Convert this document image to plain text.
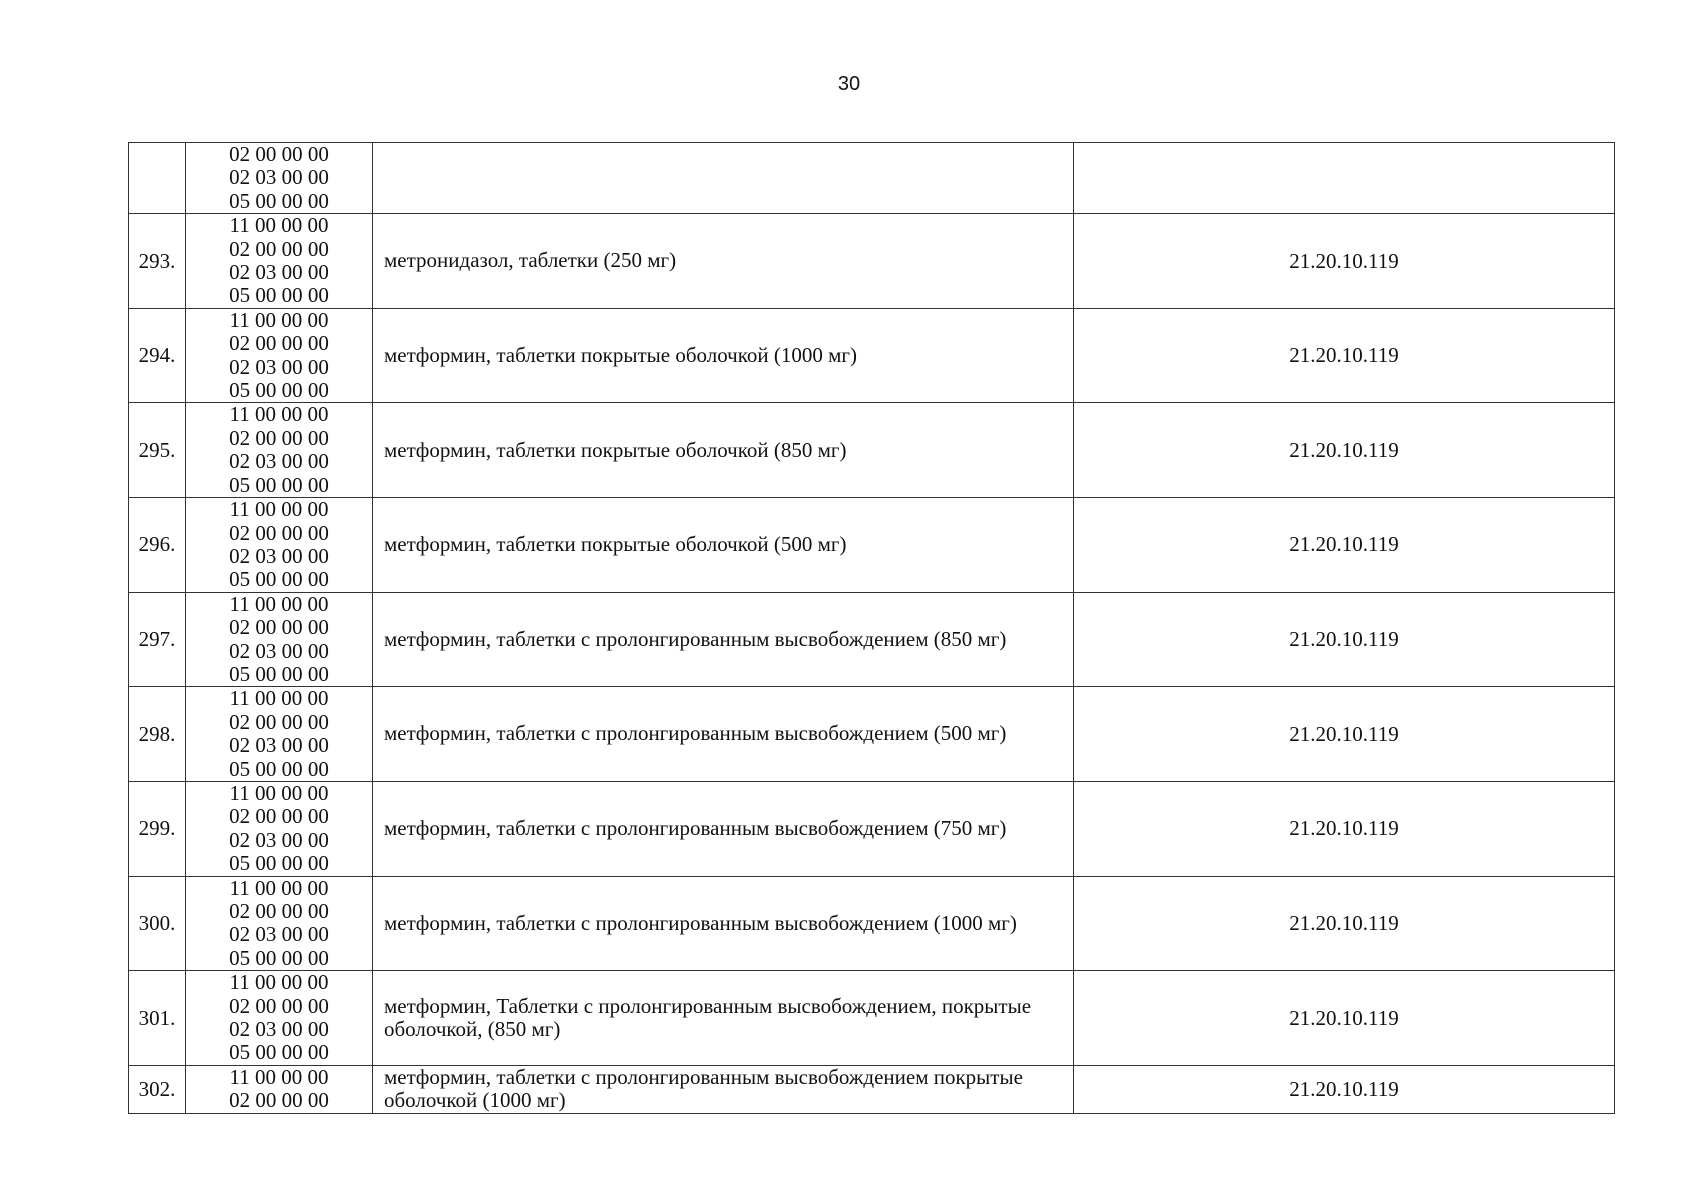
30

	02 00 00 00
02 03 00 00
05 00 00 00		

293.	11 00 00 00
02 00 00 00
02 03 00 00
05 00 00 00	метронидазол, таблетки (250 мг)	21.20.10.119
294.	11 00 00 00
02 00 00 00
02 03 00 00
05 00 00 00	метформин, таблетки покрытые оболочкой (1000 мг)	21.20.10.119
295.	11 00 00 00
02 00 00 00
02 03 00 00
05 00 00 00	метформин, таблетки покрытые оболочкой (850 мг)	21.20.10.119
296.	11 00 00 00
02 00 00 00
02 03 00 00
05 00 00 00	метформин, таблетки покрытые оболочкой (500 мг)	21.20.10.119
297.	11 00 00 00
02 00 00 00
02 03 00 00
05 00 00 00	метформин, таблетки с пролонгированным высвобождением (850 мг)	21.20.10.119
298.	11 00 00 00
02 00 00 00
02 03 00 00
05 00 00 00	метформин, таблетки с пролонгированным высвобождением (500 мг)	21.20.10.119
299.	11 00 00 00
02 00 00 00
02 03 00 00
05 00 00 00	метформин, таблетки с пролонгированным высвобождением (750 мг)	21.20.10.119
300.	11 00 00 00
02 00 00 00
02 03 00 00
05 00 00 00	метформин, таблетки с пролонгированным высвобождением (1000 мг)	21.20.10.119
301.	11 00 00 00
02 00 00 00
02 03 00 00
05 00 00 00	метформин, Таблетки с пролонгированным высвобождением, покрытые оболочкой, (850 мг)	21.20.10.119
302.	11 00 00 00
02 00 00 00	метформин, таблетки с пролонгированным высвобождением покрытые оболочкой (1000 мг)	21.20.10.119
